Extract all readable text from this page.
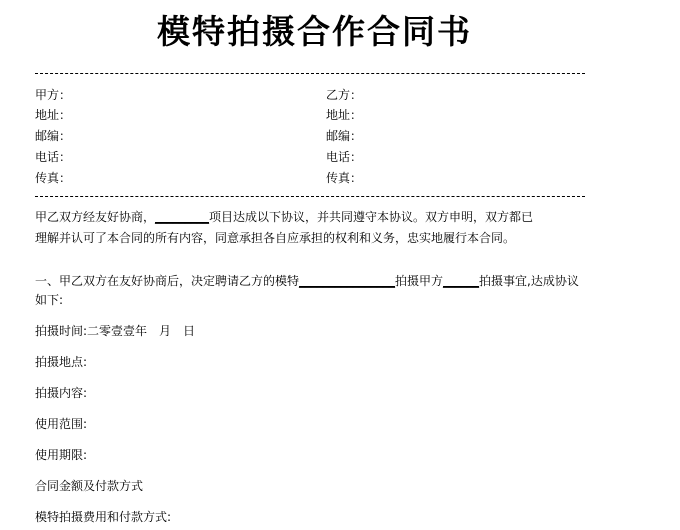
模特拍摄合作合同书
甲方：
地址：
邮编：
电话：
传真：
乙方：
地址：
邮编：
电话：
传真：
甲乙双方经友好协商，_________项目达成以下协议，并共同遵守本协议。双方申明，双方都已
理解并认可了本合同的所有内容，同意承担各自应承担的权利和义务，忠实地履行本合同。
一、甲乙双方在友好协商后，决定聘请乙方的模特________________拍摄甲方______拍摄事宜,达成协议
如下:
拍摄时间:二零壹壹年　月　日
拍摄地点:
拍摄内容:
使用范围:
使用期限:
合同金额及付款方式
模特拍摄费用和付款方式:
